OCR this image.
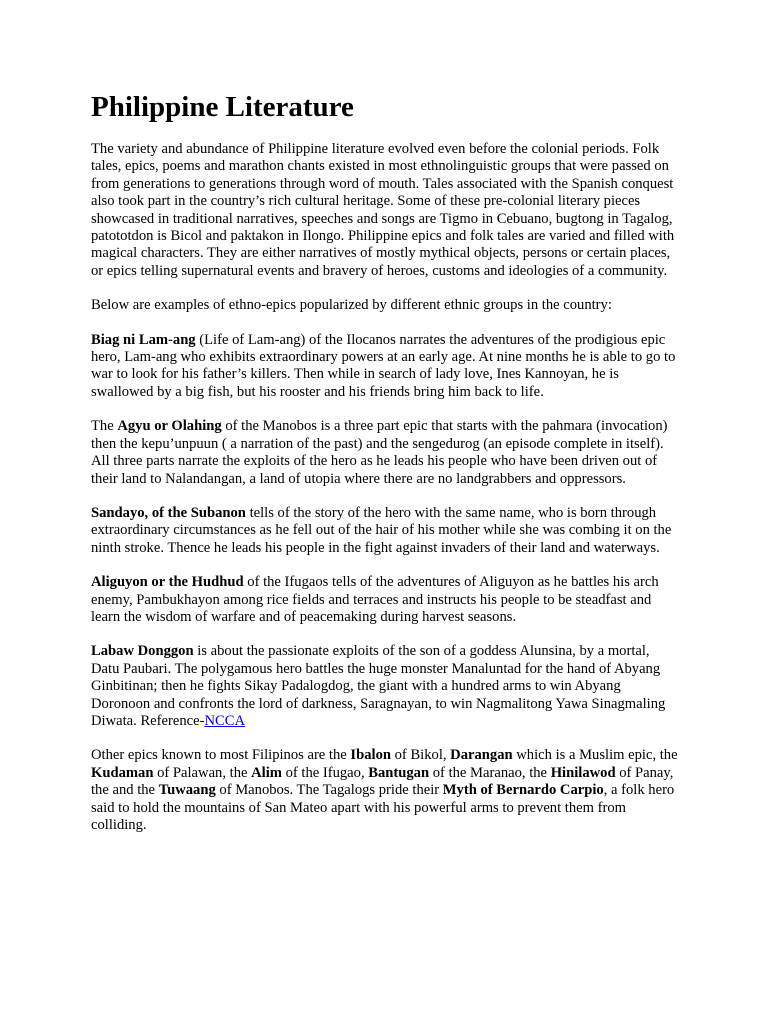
Philippine Literature

The variety and abundance of Philippine literature evolved even before the colonial periods. Folk tales, epics, poems and marathon chants existed in most ethnolinguistic groups that were passed on from generations to generations through word of mouth. Tales associated with the Spanish conquest also took part in the country’s rich cultural heritage. Some of these pre-colonial literary pieces showcased in traditional narratives, speeches and songs are Tigmo in Cebuano, bugtong in Tagalog, patototdon is Bicol and paktakon in Ilongo. Philippine epics and folk tales are varied and filled with magical characters. They are either narratives of mostly mythical objects, persons or certain places, or epics telling supernatural events and bravery of heroes, customs and ideologies of a community.

Below are examples of ethno-epics popularized by different ethnic groups in the country:

Biag ni Lam-ang (Life of Lam-ang) of the Ilocanos narrates the adventures of the prodigious epic hero, Lam-ang who exhibits extraordinary powers at an early age. At nine months he is able to go to war to look for his father’s killers. Then while in search of lady love, Ines Kannoyan, he is swallowed by a big fish, but his rooster and his friends bring him back to life.

The Agyu or Olahing of the Manobos is a three part epic that starts with the pahmara (invocation) then the kepu’unpuun ( a narration of the past) and the sengedurog (an episode complete in itself). All three parts narrate the exploits of the hero as he leads his people who have been driven out of their land to Nalandangan, a land of utopia where there are no landgrabbers and oppressors.

Sandayo, of the Subanon tells of the story of the hero with the same name, who is born through extraordinary circumstances as he fell out of the hair of his mother while she was combing it on the ninth stroke. Thence he leads his people in the fight against invaders of their land and waterways.

Aliguyon or the Hudhud of the Ifugaos tells of the adventures of Aliguyon as he battles his arch enemy, Pambukhayon among rice fields and terraces and instructs his people to be steadfast and learn the wisdom of warfare and of peacemaking during harvest seasons.

Labaw Donggon is about the passionate exploits of the son of a goddess Alunsina, by a mortal, Datu Paubari. The polygamous hero battles the huge monster Manaluntad for the hand of Abyang Ginbitinan; then he fights Sikay Padalogdog, the giant with a hundred arms to win Abyang Doronoon and confronts the lord of darkness, Saragnayan, to win Nagmalitong Yawa Sinagmaling Diwata. Reference-NCCA

Other epics known to most Filipinos are the Ibalon of Bikol, Darangan which is a Muslim epic, the Kudaman of Palawan, the Alim of the Ifugao, Bantugan of the Maranao, the Hinilawod of Panay, the and the Tuwaang of Manobos. The Tagalogs pride their Myth of Bernardo Carpio, a folk hero said to hold the mountains of San Mateo apart with his powerful arms to prevent them from colliding.
